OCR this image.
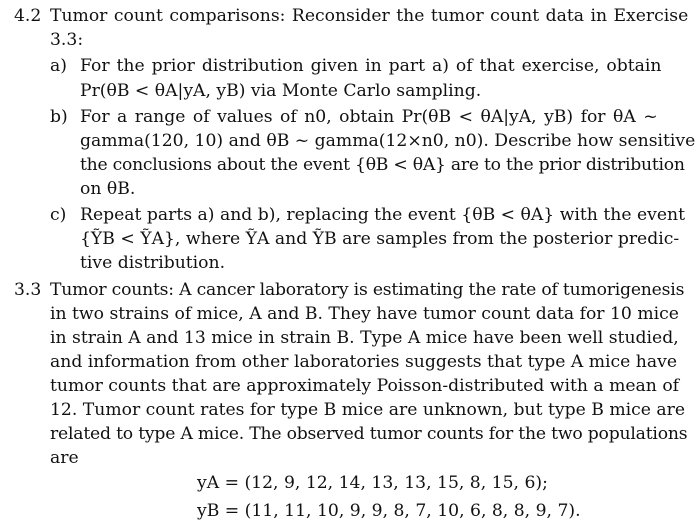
4.2 Tumor count comparisons: Reconsider the tumor count data in Exercise
3.3:
a) For the prior distribution given in part a) of that exercise, obtain
Pr(θB < θA|yA, yB) via Monte Carlo sampling.
b) For a range of values of n0, obtain Pr(θB < θA|yA, yB) for θA ~
gamma(120, 10) and θB ~ gamma(12×n0, n0). Describe how sensitive
the conclusions about the event {θB < θA} are to the prior distribution
on θB.
c) Repeat parts a) and b), replacing the event {θB < θA} with the event
{ỸB < ỸA}, where ỸA and ỸB are samples from the posterior predic-
tive distribution.
3.3 Tumor counts: A cancer laboratory is estimating the rate of tumorigenesis
in two strains of mice, A and B. They have tumor count data for 10 mice
in strain A and 13 mice in strain B. Type A mice have been well studied,
and information from other laboratories suggests that type A mice have
tumor counts that are approximately Poisson-distributed with a mean of
12. Tumor count rates for type B mice are unknown, but type B mice are
related to type A mice. The observed tumor counts for the two populations
are
yA = (12, 9, 12, 14, 13, 13, 15, 8, 15, 6);
yB = (11, 11, 10, 9, 9, 8, 7, 10, 6, 8, 8, 9, 7).
